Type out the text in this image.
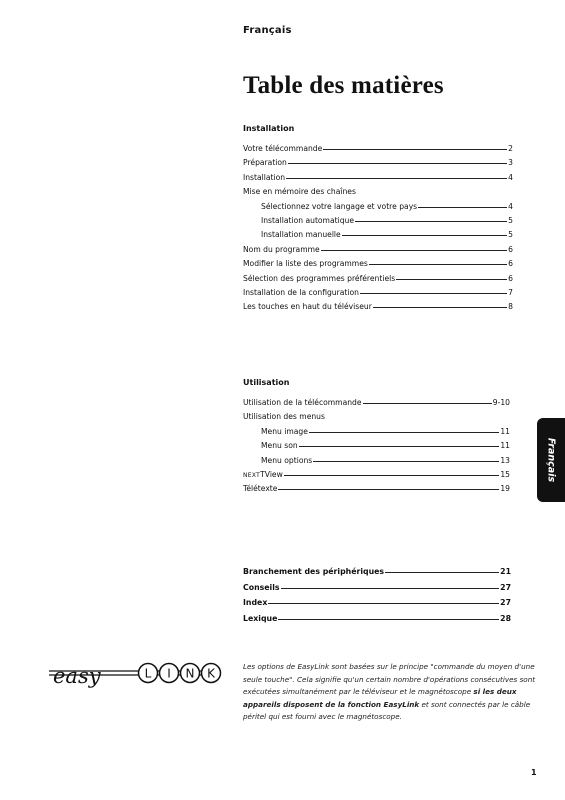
Français
Table des matières
Installation
Votre télécommande	2
Préparation	3
Installation	4
Mise en mémoire des chaînes
Sélectionnez votre langage et votre pays	4
Installation automatique	5
Installation manuelle	5
Nom du programme	6
Modifier la liste des programmes	6
Sélection des programmes préférentiels	6
Installation de la configuration	7
Les touches en haut du téléviseur	8
Utilisation
Utilisation de la télécommande	9-10
Utilisation des menus
Menu image	11
Menu son	11
Menu options	13
NEXTTView	15
Télétexte	19
Branchement des périphériques	21
Conseils	27
Index	27
Lexique	28
Français
easy	L I N K	Les options de EasyLink sont basées sur le principe "commande du moyen d'une seule touche". Cela signifie qu'un certain nombre d'opérations consécutives sont exécutées simultanément par le téléviseur et le magnétoscope si les deux appareils disposent de la fonction EasyLink et sont connectés par le câble péritel qui est fourni avec le magnétoscope.
1
